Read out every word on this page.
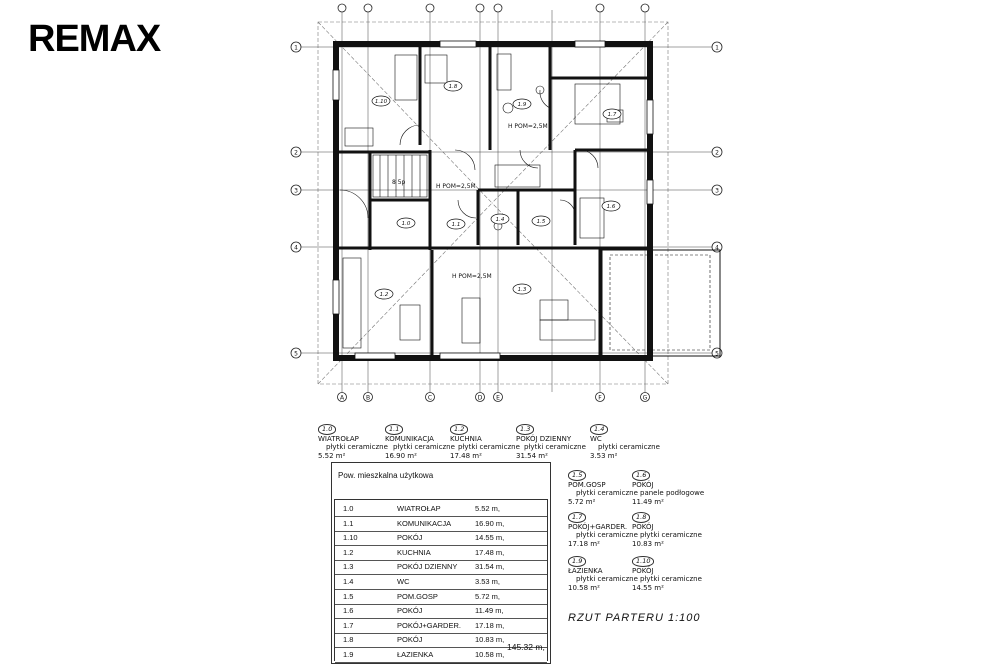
REMAX	1	1
2	2
3	3
4	4
5	5
A	B	C	D E	F	G
1.10
1.8
1.9
1.7
1.0	1.1
1.4	1.5
1.6
1.2
1.3
H POM=2,5M
H POM=2,5M
H POM=2,5M
8 5p
1.0
WIATROŁAP
płytki ceramiczne
5.52 m²
1.1
KOMUNIKACJA
płytki ceramiczne
16.90 m²
1.2
KUCHNIA
płytki ceramiczne
17.48 m²
1.3
POKÓJ DZIENNY
płytki ceramiczne
31.54 m²
1.4
WC
płytki ceramiczne
3.53 m²
1.5
POM.GOSP
płytki ceramiczne
5.72 m²
1.6
POKÓJ
panele podłogowe
11.49 m²
1.7
POKÓJ+GARDER.
płytki ceramiczne
17.18 m²
1.8
POKÓJ
płytki ceramiczne
10.83 m²
1.9
ŁAZIENKA
płytki ceramiczne
10.58 m²
1.10
POKÓJ
płytki ceramiczne
14.55 m²
Pow. mieszkalna użytkowa
1.0	WIATROŁAP	5.52 m,
1.1	KOMUNIKACJA	16.90 m,
1.10	POKÓJ	14.55 m,
1.2	KUCHNIA	17.48 m,
1.3	POKÓJ DZIENNY 31.54 m,
1.4	WC	3.53 m,
1.5	POM.GOSP	5.72 m,
1.6	POKÓJ	11.49 m,
1.7	POKÓJ+GARDER. 17.18 m,
1.8	POKÓJ	10.83 m,
1.9	ŁAZIENKA	10.58 m,
145.32 m,
RZUT PARTERU 1:100
